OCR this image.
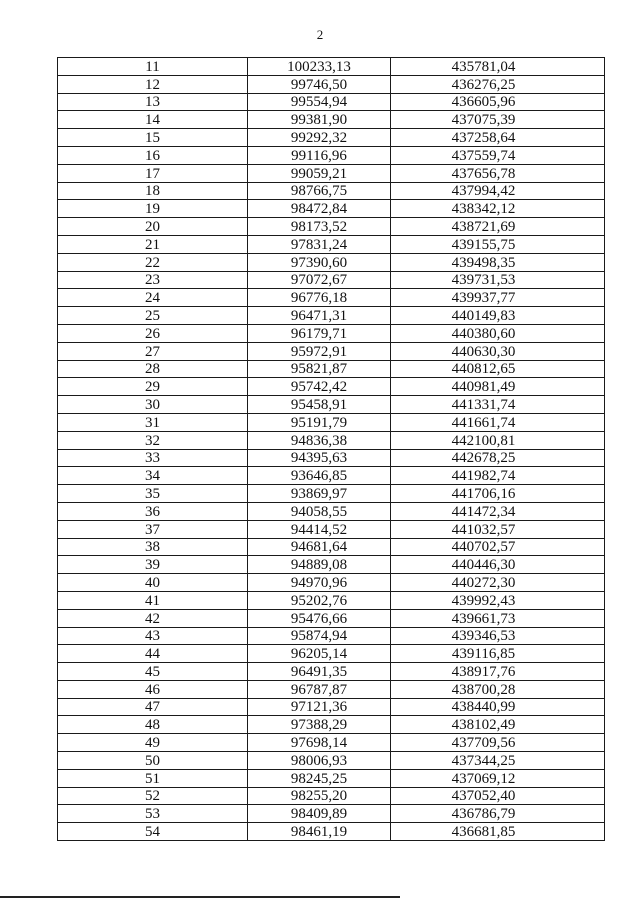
2
11	100233,13	435781,04
12	99746,50	436276,25
13	99554,94	436605,96
14	99381,90	437075,39
15	99292,32	437258,64
16	99116,96	437559,74
17	99059,21	437656,78
18	98766,75	437994,42
19	98472,84	438342,12
20	98173,52	438721,69
21	97831,24	439155,75
22	97390,60	439498,35
23	97072,67	439731,53
24	96776,18	439937,77
25	96471,31	440149,83
26	96179,71	440380,60
27	95972,91	440630,30
28	95821,87	440812,65
29	95742,42	440981,49
30	95458,91	441331,74
31	95191,79	441661,74
32	94836,38	442100,81
33	94395,63	442678,25
34	93646,85	441982,74
35	93869,97	441706,16
36	94058,55	441472,34
37	94414,52	441032,57
38	94681,64	440702,57
39	94889,08	440446,30
40	94970,96	440272,30
41	95202,76	439992,43
42	95476,66	439661,73
43	95874,94	439346,53
44	96205,14	439116,85
45	96491,35	438917,76
46	96787,87	438700,28
47	97121,36	438440,99
48	97388,29	438102,49
49	97698,14	437709,56
50	98006,93	437344,25
51	98245,25	437069,12
52	98255,20	437052,40
53	98409,89	436786,79
54	98461,19	436681,85
